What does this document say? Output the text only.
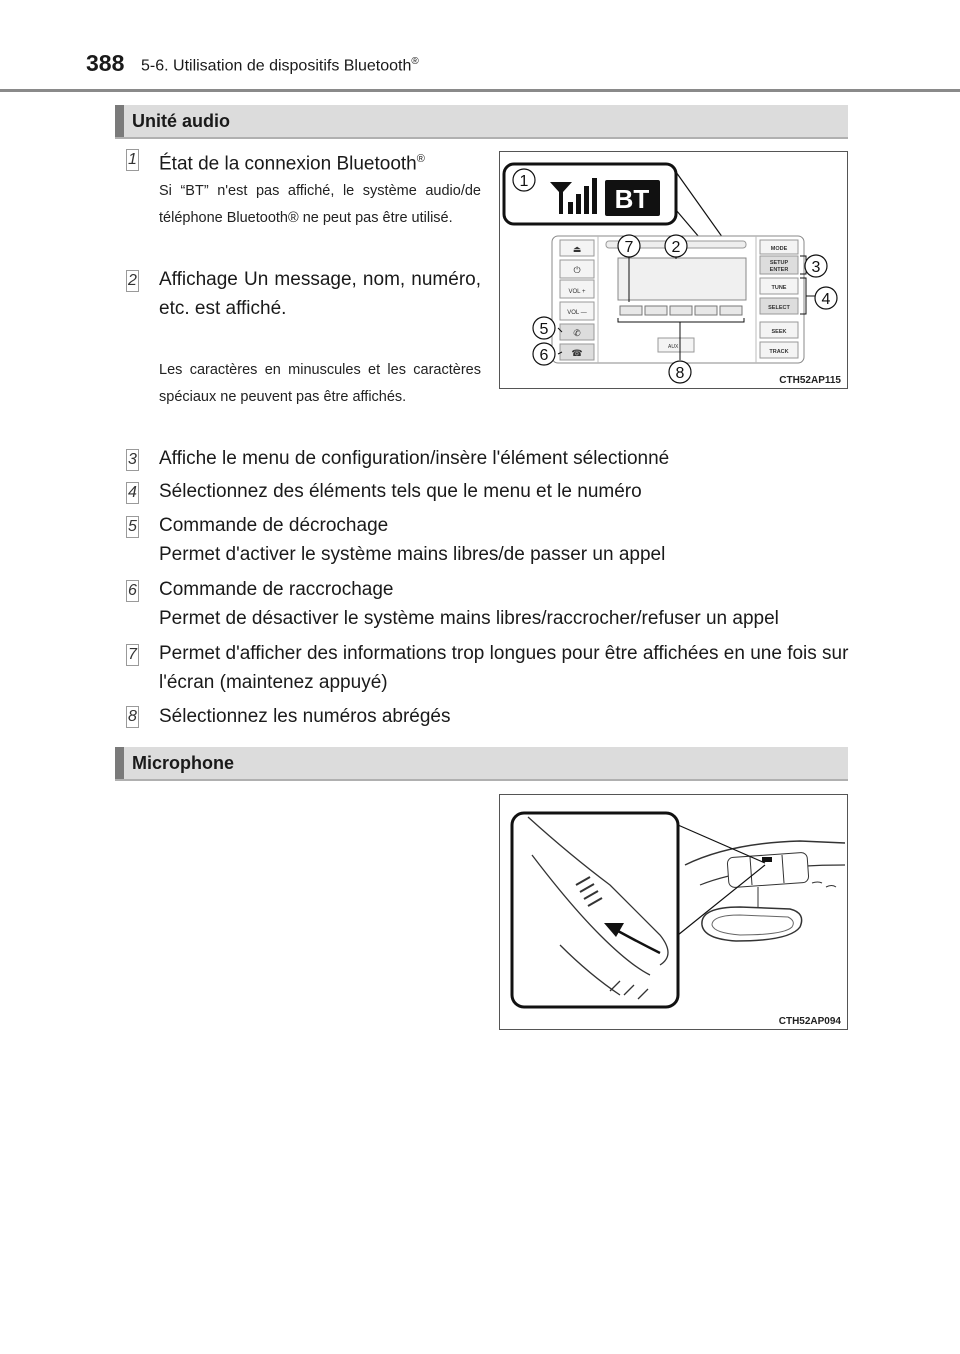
388 5-6. Utilisation de dispositifs Bluetooth®
Unité audio
1 État de la connexion Bluetooth®
Si “BT” n'est pas affiché, le système audio/de téléphone Bluetooth® ne peut pas être utilisé.
2 Affichage Un message, nom, numéro, etc. est affiché.
Les caractères en minuscules et les caractères spéciaux ne peuvent pas être affichés.
3 Affiche le menu de configuration/insère l'élément sélectionné
4 Sélectionnez des éléments tels que le menu et le numéro
5 Commande de décrochage
Permet d'activer le système mains libres/de passer un appel
6 Commande de raccrochage
Permet de désactiver le système mains libres/raccrocher/refuser un appel
7 Permet d'afficher des informations trop longues pour être affichées en une fois sur l'écran (maintenez appuyé)
8 Sélectionnez les numéros abrégés
BT
⏏
⏻
VOL +
VOL —
✆
☎
MODE
SETUP
ENTER
TUNE
SELECT
SEEK
TRACK
AUX
1
2
3
4
5
6
7
8	CTH52AP115
Microphone
CTH52AP094
